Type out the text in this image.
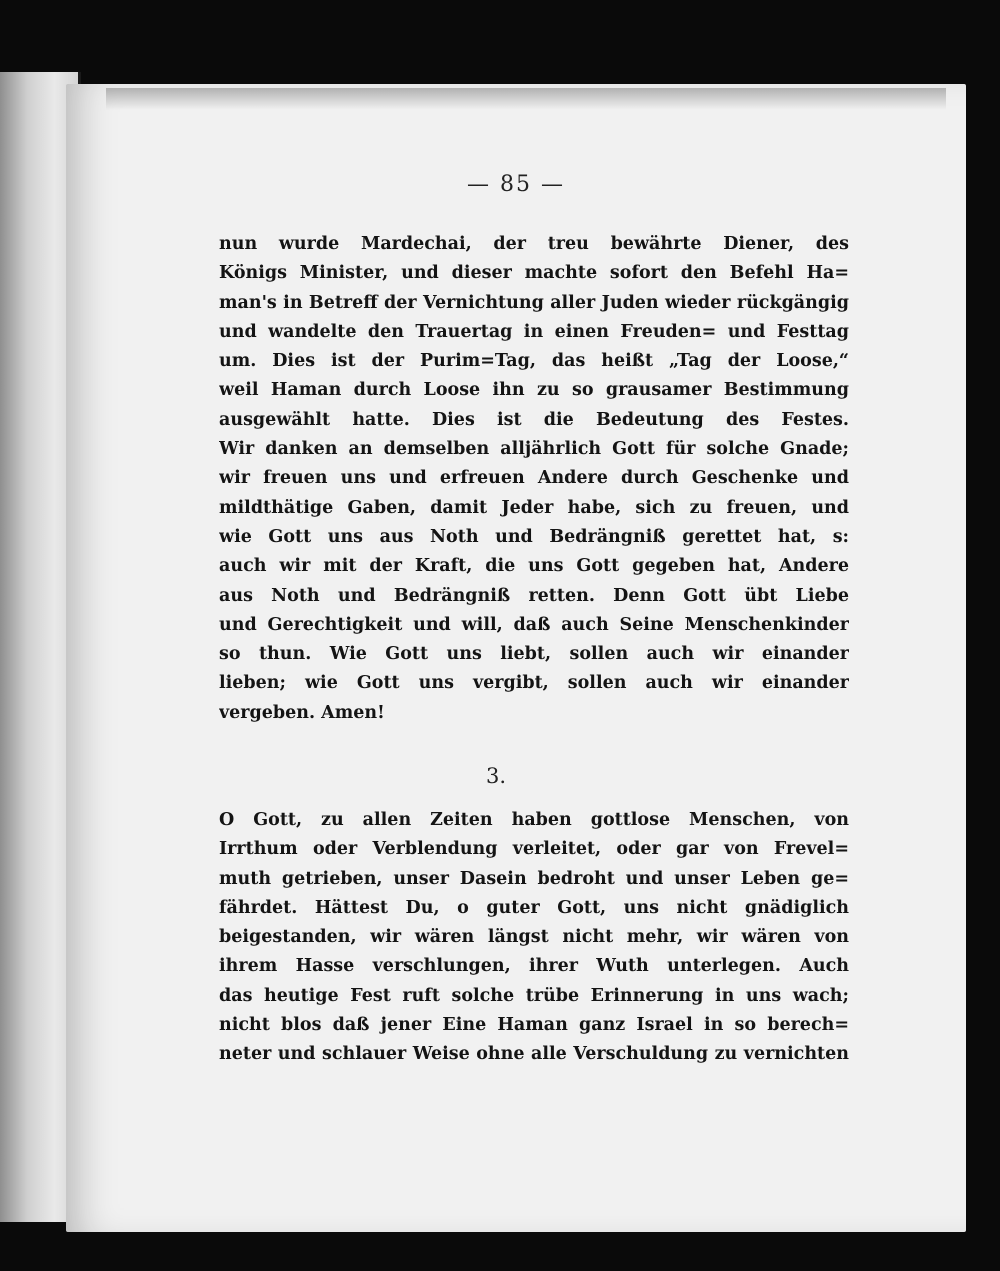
— 85 —
nun wurde Mardechai, der treu bewährte Diener, des
Königs Minister, und dieser machte sofort den Befehl Ha=
man's in Betreff der Vernichtung aller Juden wieder rückgängig
und wandelte den Trauertag in einen Freuden= und Festtag
um. Dies ist der Purim=Tag, das heißt „Tag der Loose,“
weil Haman durch Loose ihn zu so grausamer Bestimmung
ausgewählt hatte. Dies ist die Bedeutung des Festes.
Wir danken an demselben alljährlich Gott für solche Gnade;
wir freuen uns und erfreuen Andere durch Geschenke und
mildthätige Gaben, damit Jeder habe, sich zu freuen, und
wie Gott uns aus Noth und Bedrängniß gerettet hat, s:
auch wir mit der Kraft, die uns Gott gegeben hat, Andere
aus Noth und Bedrängniß retten. Denn Gott übt Liebe
und Gerechtigkeit und will, daß auch Seine Menschenkinder
so thun. Wie Gott uns liebt, sollen auch wir einander
lieben; wie Gott uns vergibt, sollen auch wir einander
vergeben. Amen!
3.
O Gott, zu allen Zeiten haben gottlose Menschen, von
Irrthum oder Verblendung verleitet, oder gar von Frevel=
muth getrieben, unser Dasein bedroht und unser Leben ge=
fährdet. Hättest Du, o guter Gott, uns nicht gnädiglich
beigestanden, wir wären längst nicht mehr, wir wären von
ihrem Hasse verschlungen, ihrer Wuth unterlegen. Auch
das heutige Fest ruft solche trübe Erinnerung in uns wach;
nicht blos daß jener Eine Haman ganz Israel in so berech=
neter und schlauer Weise ohne alle Verschuldung zu vernichten
